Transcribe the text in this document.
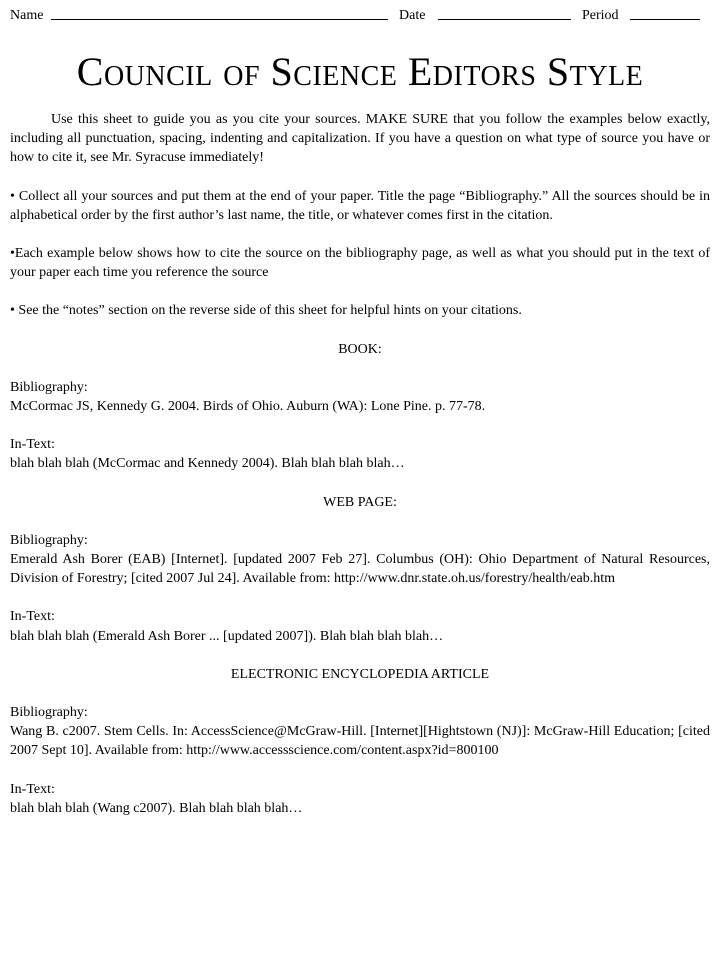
Name	Date	Period
Council of Science Editors Style

Use this sheet to guide you as you cite your sources. MAKE SURE that you follow the examples below exactly, including all punctuation, spacing, indenting and capitalization. If you have a question on what type of source you have or how to cite it, see Mr. Syracuse immediately!

• Collect all your sources and put them at the end of your paper. Title the page “Bibliography.” All the sources should be in alphabetical order by the first author’s last name, the title, or whatever comes first in the citation.

•Each example below shows how to cite the source on the bibliography page, as well as what you should put in the text of your paper each time you reference the source

• See the “notes” section on the reverse side of this sheet for helpful hints on your citations.

BOOK:
Bibliography:

McCormac JS, Kennedy G. 2004. Birds of Ohio. Auburn (WA): Lone Pine. p. 77-78.

In-Text:

blah blah blah (McCormac and Kennedy 2004). Blah blah blah blah…

WEB PAGE:
Bibliography:

Emerald Ash Borer (EAB) [Internet]. [updated 2007 Feb 27]. Columbus (OH): Ohio Department of Natural Resources, Division of Forestry; [cited 2007 Jul 24]. Available from: http://www.dnr.state.oh.us/forestry/health/eab.htm

In-Text:

blah blah blah (Emerald Ash Borer ... [updated 2007]). Blah blah blah blah…

ELECTRONIC ENCYCLOPEDIA ARTICLE
Bibliography:

Wang B. c2007. Stem Cells. In: AccessScience@McGraw-Hill. [Internet][Hightstown (NJ)]: McGraw-Hill Education; [cited 2007 Sept 10]. Available from: http://www.accessscience.com/content.aspx?id=800100

In-Text:

blah blah blah (Wang c2007). Blah blah blah blah…
